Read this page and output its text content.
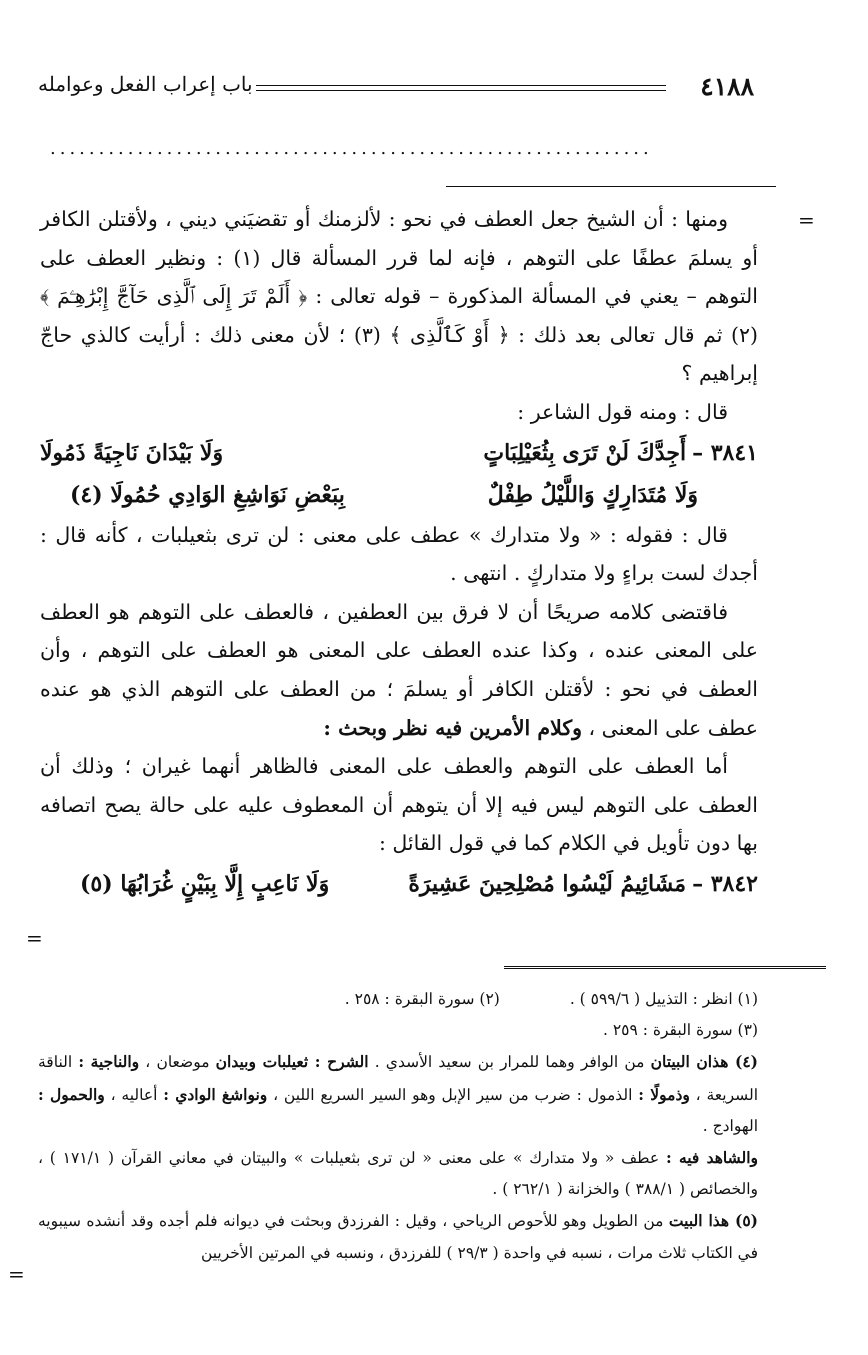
٤١٨٨
باب إعراب الفعل وعوامله
..............................................................
=
=
=

ومنها : أن الشيخ جعل العطف في نحو : لألزمنك أو تقضيَني ديني ، ولأقتلن الكافر أو يسلمَ عطفًا على التوهم ، فإنه لما قرر المسألة قال (١) : ونظير العطف على التوهم – يعني في المسألة المذكورة – قوله تعالى : ﴿ أَلَمْ تَرَ إِلَى ٱلَّذِى حَآجَّ إِبْرَٰهِـۧمَ ﴾ (٢) ثم قال تعالى بعد ذلك : ﴿ أَوْ كَٱلَّذِى ﴾ (٣) ؛ لأن معنى ذلك : أرأيت كالذي حاجّ إبراهيم ؟

قال : ومنه قول الشاعر :

٣٨٤١ –أَجِدَّكَ لَنْ تَرَى بِثُعَيْلِبَاتٍ
وَلَا بَيْدَانَ نَاجِيَةً ذَمُولَا
وَلَا مُتَدَارِكٍ وَاللَّيْلُ طِفْلٌ
بِبَعْضِ نَوَاشِغِ الوَادِي حُمُولَا (٤)

قال : فقوله : « ولا متدارك » عطف على معنى : لن ترى بثعيلبات ، كأنه قال : أجدك لست براءٍ ولا متداركٍ . انتهى .

فاقتضى كلامه صريحًا أن لا فرق بين العطفين ، فالعطف على التوهم هو العطف على المعنى عنده ، وكذا عنده العطف على المعنى هو العطف على التوهم ، وأن العطف في نحو : لأقتلن الكافر أو يسلمَ ؛ من العطف على التوهم الذي هو عنده عطف على المعنى ، وكلام الأمرين فيه نظر وبحث :

أما العطف على التوهم والعطف على المعنى فالظاهر أنهما غيران ؛ وذلك أن العطف على التوهم ليس فيه إلا أن يتوهم أن المعطوف عليه على حالة يصح اتصافه بها دون تأويل في الكلام كما في قول القائل :

٣٨٤٢ –مَشَائِيمُ لَيْسُوا مُصْلِحِينَ عَشِيرَةً
وَلَا نَاعِبٍ إِلَّا بِبَيْنٍ غُرَابُهَا (٥)
(١) انظر : التذييل ( ٥٩٩/٦ ) .
(٢) سورة البقرة : ٢٥٨ .

(٣) سورة البقرة : ٢٥٩ .

(٤) هذان البيتان من الوافر وهما للمرار بن سعيد الأسدي . الشرح : ثعيلبات وبيدان موضعان ، والناجية : الناقة السريعة ، وذمولًا : الذمول : ضرب من سير الإبل وهو السير السريع اللين ، ونواشغ الوادي : أعاليه ، والحمول : الهوادج .

والشاهد فيه : عطف « ولا متدارك » على معنى « لن ترى بثعيلبات » والبيتان في معاني القرآن ( ١٧١/١ ) ، والخصائص ( ٣٨٨/١ ) والخزانة ( ٢٦٢/١ ) .

(٥) هذا البيت من الطويل وهو للأحوص الرياحي ، وقيل : الفرزدق وبحثت في ديوانه فلم أجده وقد أنشده سيبويه في الكتاب ثلاث مرات ، نسبه في واحدة ( ٢٩/٣ ) للفرزدق ، ونسبه في المرتين الأخريين
